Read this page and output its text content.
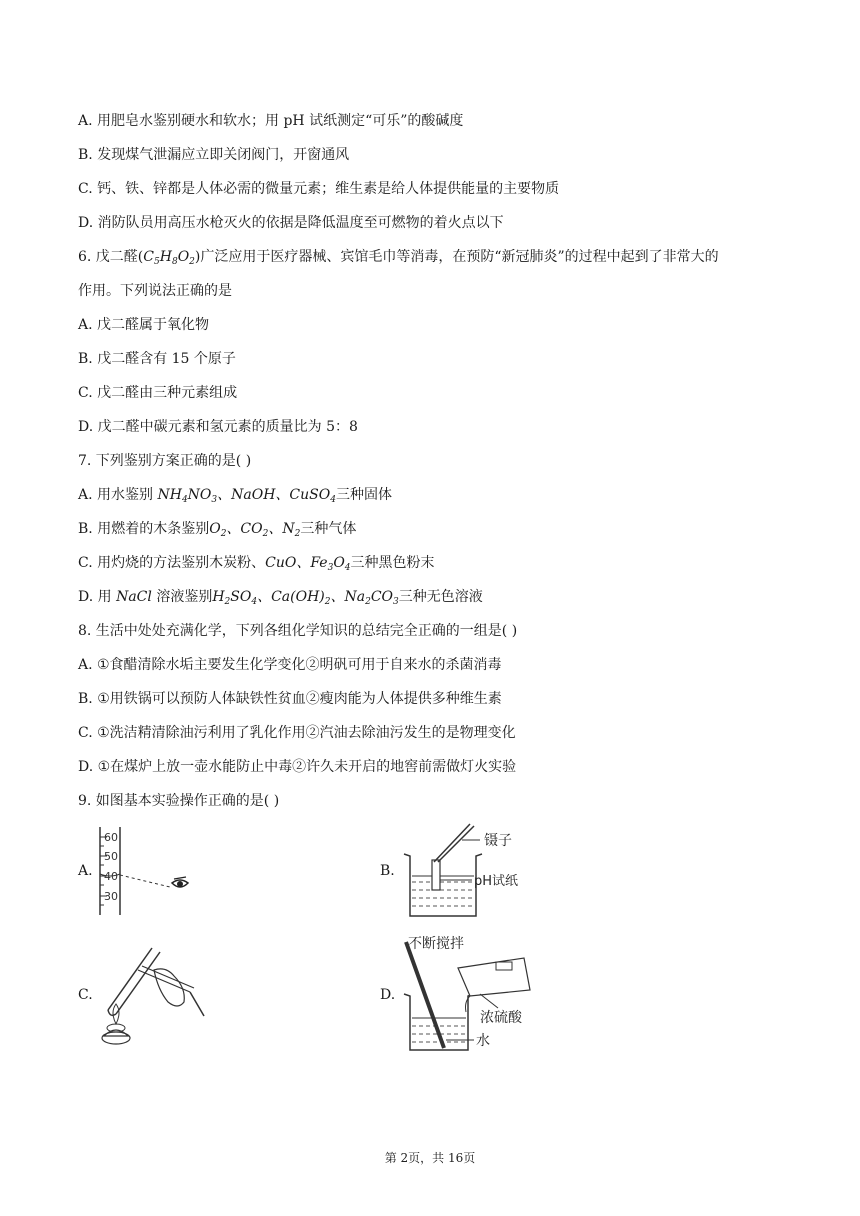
A. 用肥皂水鉴别硬水和软水；用 pH 试纸测定“可乐”的酸碱度
B. 发现煤气泄漏应立即关闭阀门，开窗通风
C. 钙、铁、锌都是人体必需的微量元素；维生素是给人体提供能量的主要物质
D. 消防队员用高压水枪灭火的依据是降低温度至可燃物的着火点以下
6. 戊二醛$(C_5H_8O_2)$广泛应用于医疗器械、宾馆毛巾等消毒，在预防“新冠肺炎”的过程中起到了非常大的
作用。下列说法正确的是
A. 戊二醛属于氧化物
B. 戊二醛含有 15 个原子
C. 戊二醛由三种元素组成
D. 戊二醛中碳元素和氢元素的质量比为 5：8
7. 下列鉴别方案正确的是( )
A. 用水鉴别 $NH_4NO_3$、NaOH、CuSO$_4$三种固体
B. 用燃着的木条鉴别$O_2$、$CO_2$、$N_2$三种气体
C. 用灼烧的方法鉴别木炭粉、CuO、$Fe_3O_4$三种黑色粉末
D. 用 NaCl 溶液鉴别$H_2SO_4$、$Ca(OH)_2$、$Na_2CO_3$三种无色溶液
8. 生活中处处充满化学，下列各组化学知识的总结完全正确的一组是( )
A. ①食醋清除水垢主要发生化学变化②明矾可用于自来水的杀菌消毒
B. ①用铁锅可以预防人体缺铁性贫血②瘦肉能为人体提供多种维生素
C. ①洗洁精清除油污利用了乳化作用②汽油去除油污发生的是物理变化
D. ①在煤炉上放一壶水能防止中毒②许久未开启的地窖前需做灯火实验
9. 如图基本实验操作正确的是( )
A.
60
50
40
30
B.
镊子
pH试纸
C.	D.
不断搅拌
浓硫酸
水
第 2页，共 16页
